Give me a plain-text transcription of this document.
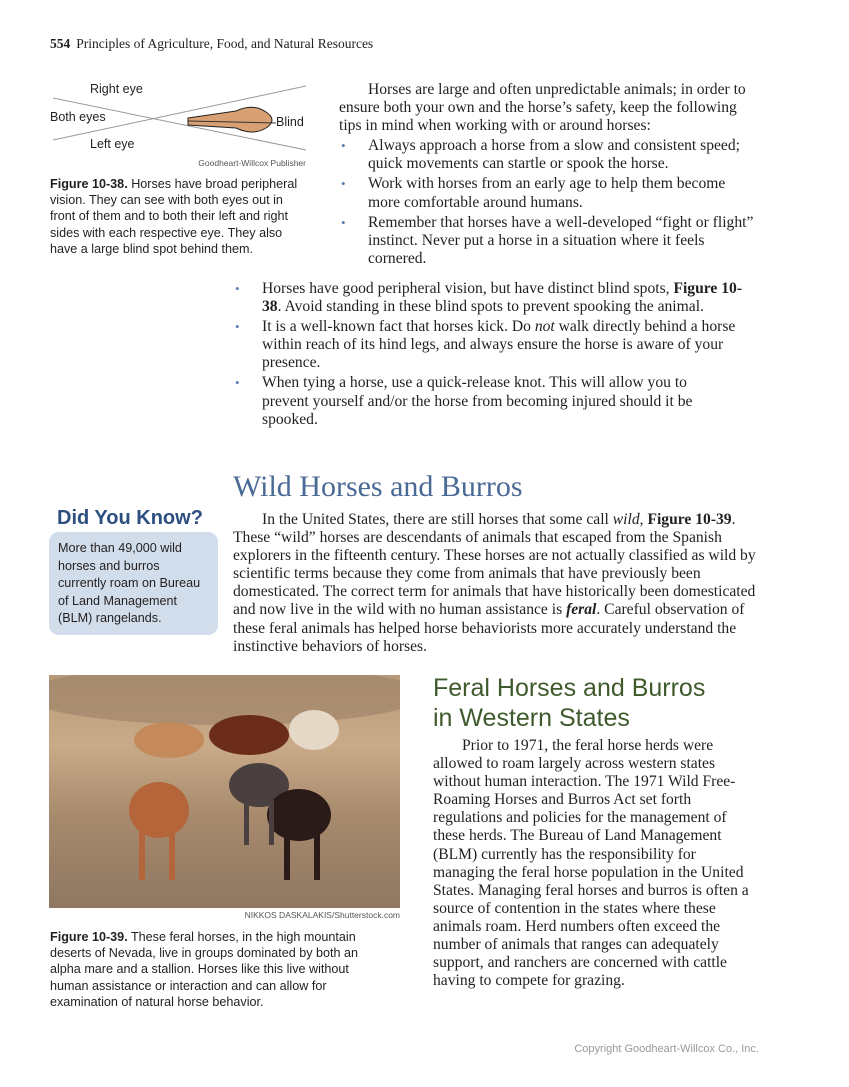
554 Principles of Agriculture, Food, and Natural Resources
Right eye
Both eyes
Left eye
Blind
Goodheart-Willcox Publisher
Figure 10-38. Horses have broad peripheral vision. They can see with both eyes out in front of them and to both their left and right sides with each respective eye. They also have a large blind spot behind them.

Horses are large and often unpredictable animals; in order to ensure both your own and the horse’s safety, keep the following tips in mind when working with or around horses:

• Always approach a horse from a slow and consistent speed; quick movements can startle or spook the horse.
• Work with horses from an early age to help them become more comfortable around humans.
• Remember that horses have a well-developed “fight or flight” instinct. Never put a horse in a situation where it feels cornered.
• Horses have good peripheral vision, but have distinct blind spots, Figure 10-38. Avoid standing in these blind spots to prevent spooking the animal.
• It is a well-known fact that horses kick. Do not walk directly behind a horse within reach of its hind legs, and always ensure the horse is aware of your presence.
• When tying a horse, use a quick-release knot. This will allow you to prevent yourself and/or the horse from becoming injured should it be spooked.
Wild Horses and Burros
Did You Know?
More than 49,000 wild horses and burros currently roam on Bureau of Land Management (BLM) rangelands.

In the United States, there are still horses that some call wild, Figure 10-39. These “wild” horses are descendants of animals that escaped from the Spanish explorers in the fifteenth century. These horses are not actually classified as wild by scientific terms because they come from animals that have previously been domesticated. The correct term for animals that have historically been domesticated and now live in the wild with no human assistance is feral. Careful observation of these feral animals has helped horse behaviorists more accurately understand the instinctive behaviors of horses.

NIKKOS DASKALAKIS/Shutterstock.com
Figure 10-39. These feral horses, in the high mountain deserts of Nevada, live in groups dominated by both an alpha mare and a stallion. Horses like this live without human assistance or interaction and can allow for examination of natural horse behavior.
Feral Horses and Burros
in Western States

Prior to 1971, the feral horse herds were allowed to roam largely across western states without human interaction. The 1971 Wild Free-Roaming Horses and Burros Act set forth regulations and policies for the management of these herds. The Bureau of Land Management (BLM) currently has the responsibility for managing the feral horse population in the United States. Managing feral horses and burros is often a source of contention in the states where these animals roam. Herd numbers often exceed the number of animals that ranges can adequately support, and ranchers are concerned with cattle having to compete for grazing.

Copyright Goodheart-Willcox Co., Inc.
